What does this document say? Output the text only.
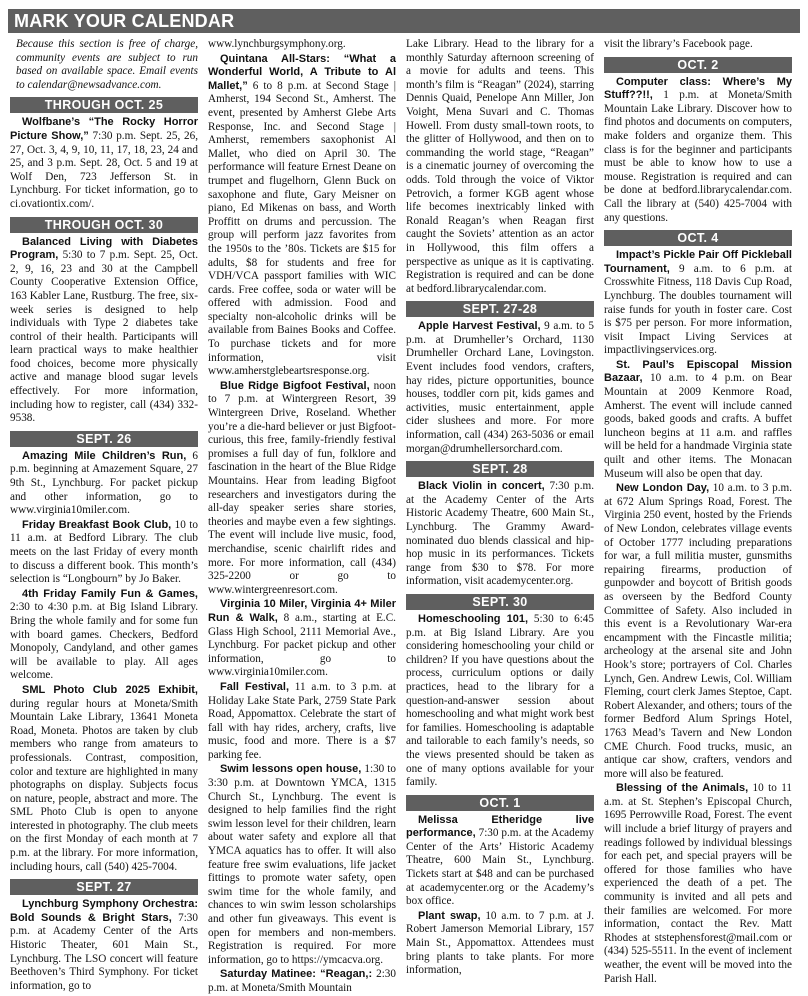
MARK YOUR CALENDAR

Because this section is free of charge, community events are subject to run based on available space. Email events to calendar@newsadvance.com.

THROUGH OCT. 25

Wolfbane’s “The Rocky Horror Picture Show,” 7:30 p.m. Sept. 25, 26, 27, Oct. 3, 4, 9, 10, 11, 17, 18, 23, 24 and 25, and 3 p.m. Sept. 28, Oct. 5 and 19 at Wolf Den, 723 Jefferson St. in Lynchburg. For ticket information, go to ci.ovationtix.com/.

THROUGH OCT. 30

Balanced Living with Diabetes Program, 5:30 to 7 p.m. Sept. 25, Oct. 2, 9, 16, 23 and 30 at the Campbell County Cooperative Extension Office, 163 Kabler Lane, Rustburg. The free, six-week series is designed to help individuals with Type 2 diabetes take control of their health. Participants will learn practical ways to make healthier food choices, become more physically active and manage blood sugar levels effectively. For more information, including how to register, call (434) 332-9538.

SEPT. 26

Amazing Mile Children’s Run, 6 p.m. beginning at Amazement Square, 27 9th St., Lynchburg. For packet pickup and other information, go to www.virginia10miler.com.

Friday Breakfast Book Club, 10 to 11 a.m. at Bedford Library. The club meets on the last Friday of every month to discuss a different book. This month’s selection is “Longbourn” by Jo Baker.

4th Friday Family Fun & Games, 2:30 to 4:30 p.m. at Big Island Library. Bring the whole family and for some fun with board games. Checkers, Bedford Monopoly, Candyland, and other games will be available to play. All ages welcome.

SML Photo Club 2025 Exhibit, during regular hours at Moneta/Smith Mountain Lake Library, 13641 Moneta Road, Moneta. Photos are taken by club members who range from amateurs to professionals. Contrast, composition, color and texture are highlighted in many photographs on display. Subjects focus on nature, people, abstract and more. The SML Photo Club is open to anyone interested in photography. The club meets on the first Monday of each month at 7 p.m. at the library. For more information, including hours, call (540) 425-7004.

SEPT. 27

Lynchburg Symphony Orchestra: Bold Sounds & Bright Stars, 7:30 p.m. at Academy Center of the Arts Historic Theater, 601 Main St., Lynchburg. The LSO concert will feature Beethoven’s Third Symphony. For ticket information, go to

www.lynchburgsymphony.org.

Quintana All-Stars: “What a Wonderful World, A Tribute to Al Mallet,” 6 to 8 p.m. at Second Stage | Amherst, 194 Second St., Amherst. The event, presented by Amherst Glebe Arts Response, Inc. and Second Stage | Amherst, remembers saxophonist Al Mallet, who died on April 30. The performance will feature Ernest Deane on trumpet and flugelhorn, Glenn Buck on saxophone and flute, Gary Meisner on piano, Ed Mikenas on bass, and Worth Proffitt on drums and percussion. The group will perform jazz favorites from the 1950s to the ’80s. Tickets are $15 for adults, $8 for students and free for VDH/VCA passport families with WIC cards. Free coffee, soda or water will be offered with admission. Food and specialty non-alcoholic drinks will be available from Baines Books and Coffee. To purchase tickets and for more information, visit www.amherstglebeartsresponse.org.

Blue Ridge Bigfoot Festival, noon to 7 p.m. at Wintergreen Resort, 39 Wintergreen Drive, Roseland. Whether you’re a die-hard believer or just Bigfoot-curious, this free, family-friendly festival promises a full day of fun, folklore and fascination in the heart of the Blue Ridge Mountains. Hear from leading Bigfoot researchers and investigators during the all-day speaker series share stories, theories and maybe even a few sightings. The event will include live music, food, merchandise, scenic chairlift rides and more. For more information, call (434) 325-2200 or go to www.wintergreenresort.com.

Virginia 10 Miler, Virginia 4+ Miler Run & Walk, 8 a.m., starting at E.C. Glass High School, 2111 Memorial Ave., Lynchburg. For packet pickup and other information, go to www.virginia10miler.com.

Fall Festival, 11 a.m. to 3 p.m. at Holiday Lake State Park, 2759 State Park Road, Appomattox. Celebrate the start of fall with hay rides, archery, crafts, live music, food and more. There is a $7 parking fee.

Swim lessons open house, 1:30 to 3:30 p.m. at Downtown YMCA, 1315 Church St., Lynchburg. The event is designed to help families find the right swim lesson level for their children, learn about water safety and explore all that YMCA aquatics has to offer. It will also feature free swim evaluations, life jacket fittings to promote water safety, open swim time for the whole family, and chances to win swim lesson scholarships and other fun giveaways. This event is open for members and non-members. Registration is required. For more information, go to https://ymcacva.org.

Saturday Matinee: “Reagan,: 2:30 p.m. at Moneta/Smith Mountain

Lake Library. Head to the library for a monthly Saturday afternoon screening of a movie for adults and teens. This month’s film is “Reagan” (2024), starring Dennis Quaid, Penelope Ann Miller, Jon Voight, Mena Suvari and C. Thomas Howell. From dusty small-town roots, to the glitter of Hollywood, and then on to commanding the world stage, “Reagan” is a cinematic journey of overcoming the odds. Told through the voice of Viktor Petrovich, a former KGB agent whose life becomes inextricably linked with Ronald Reagan’s when Reagan first caught the Soviets’ attention as an actor in Hollywood, this film offers a perspective as unique as it is captivating. Registration is required and can be done at bedford.librarycalendar.com.

SEPT. 27-28

Apple Harvest Festival, 9 a.m. to 5 p.m. at Drumheller’s Orchard, 1130 Drumheller Orchard Lane, Lovingston. Event includes food vendors, crafters, hay rides, picture opportunities, bounce houses, toddler corn pit, kids games and activities, music entertainment, apple cider slushees and more. For more information, call (434) 263-5036 or email morgan@drumhellersorchard.com.

SEPT. 28

Black Violin in concert, 7:30 p.m. at the Academy Center of the Arts Historic Academy Theatre, 600 Main St., Lynchburg. The Grammy Award-nominated duo blends classical and hip-hop music in its performances. Tickets range from $30 to $78. For more information, visit academycenter.org.

SEPT. 30

Homeschooling 101, 5:30 to 6:45 p.m. at Big Island Library. Are you considering homeschooling your child or children? If you have questions about the process, curriculum options or daily practices, head to the library for a question-and-answer session about homeschooling and what might work best for families. Homeschooling is adaptable and tailorable to each family’s needs, so the views presented should be taken as one of many options available for your family.

OCT. 1

Melissa Etheridge live performance, 7:30 p.m. at the Academy Center of the Arts’ Historic Academy Theatre, 600 Main St., Lynchburg. Tickets start at $48 and can be purchased at academycenter.org or the Academy’s box office.

Plant swap, 10 a.m. to 7 p.m. at J. Robert Jamerson Memorial Library, 157 Main St., Appomattox. Attendees must bring plants to take plants. For more information,

visit the library’s Facebook page.

OCT. 2

Computer class: Where’s My Stuff??!!, 1 p.m. at Moneta/Smith Mountain Lake Library. Discover how to find photos and documents on computers, make folders and organize them. This class is for the beginner and participants must be able to know how to use a mouse. Registration is required and can be done at bedford.librarycalendar.com. Call the library at (540) 425-7004 with any questions.

OCT. 4

Impact’s Pickle Pair Off Pickleball Tournament, 9 a.m. to 6 p.m. at Crosswhite Fitness, 118 Davis Cup Road, Lynchburg. The doubles tournament will raise funds for youth in foster care. Cost is $75 per person. For more information, visit Impact Living Services at impactlivingservices.org.

St. Paul’s Episcopal Mission Bazaar, 10 a.m. to 4 p.m. on Bear Mountain at 2009 Kenmore Road, Amherst. The event will include canned goods, baked goods and crafts. A buffet luncheon begins at 11 a.m. and raffles will be held for a handmade Virginia state quilt and other items. The Monacan Museum will also be open that day.

New London Day, 10 a.m. to 3 p.m. at 672 Alum Springs Road, Forest. The Virginia 250 event, hosted by the Friends of New London, celebrates village events of October 1777 including preparations for war, a full militia muster, gunsmiths repairing firearms, production of gunpowder and boycott of British goods as overseen by the Bedford County Committee of Safety. Also included in this event is a Revolutionary War-era encampment with the Fincastle militia; archeology at the arsenal site and John Hook’s store; portrayers of Col. Charles Lynch, Gen. Andrew Lewis, Col. William Fleming, court clerk James Steptoe, Capt. Robert Alexander, and others; tours of the former Bedford Alum Springs Hotel, 1763 Mead’s Tavern and New London CME Church. Food trucks, music, an antique car show, crafters, vendors and more will also be featured.

Blessing of the Animals, 10 to 11 a.m. at St. Stephen’s Episcopal Church, 1695 Perrowville Road, Forest. The event will include a brief liturgy of prayers and readings followed by individual blessings for each pet, and special prayers will be offered for those families who have experienced the death of a pet. The community is invited and all pets and their families are welcomed. For more information, contact the Rev. Matt Rhodes at ststephensforest@mail.com or (434) 525-5511. In the event of inclement weather, the event will be moved into the Parish Hall.
